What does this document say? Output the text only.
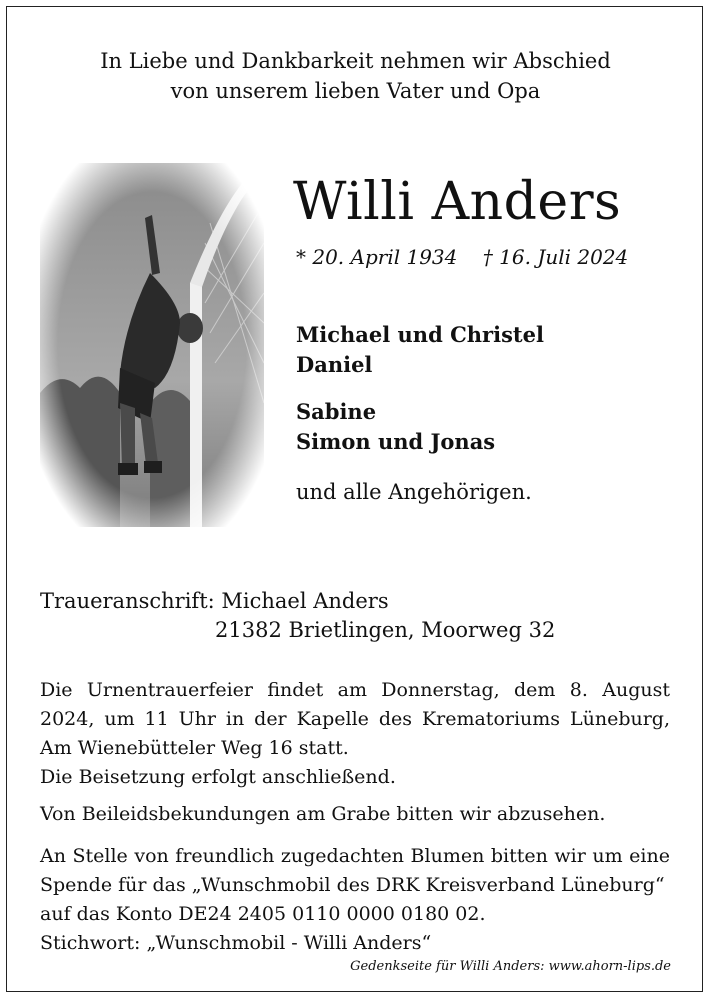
In Liebe und Dankbarkeit nehmen wir Abschied
von unserem lieben Vater und Opa
Willi Anders
* 20. April 1934    † 16. Juli 2024
Michael und Christel
Daniel
Sabine
Simon und Jonas
und alle Angehörigen.
Traueranschrift: Michael Anders
21382 Brietlingen, Moorweg 32
Die Urnentrauerfeier findet am Donnerstag, dem 8. August 2024, um 11 Uhr in der Kapelle des Krematoriums Lüneburg, Am Wienebütteler Weg 16 statt.
Die Beisetzung erfolgt anschließend.
Von Beileidsbekundungen am Grabe bitten wir abzusehen.
An Stelle von freundlich zugedachten Blumen bitten wir um eine Spende für das „Wunschmobil des DRK Kreisverband Lüneburg“
auf das Konto DE24 2405 0110 0000 0180 02.
Stichwort: „Wunschmobil - Willi Anders“
Gedenkseite für Willi Anders: www.ahorn-lips.de
